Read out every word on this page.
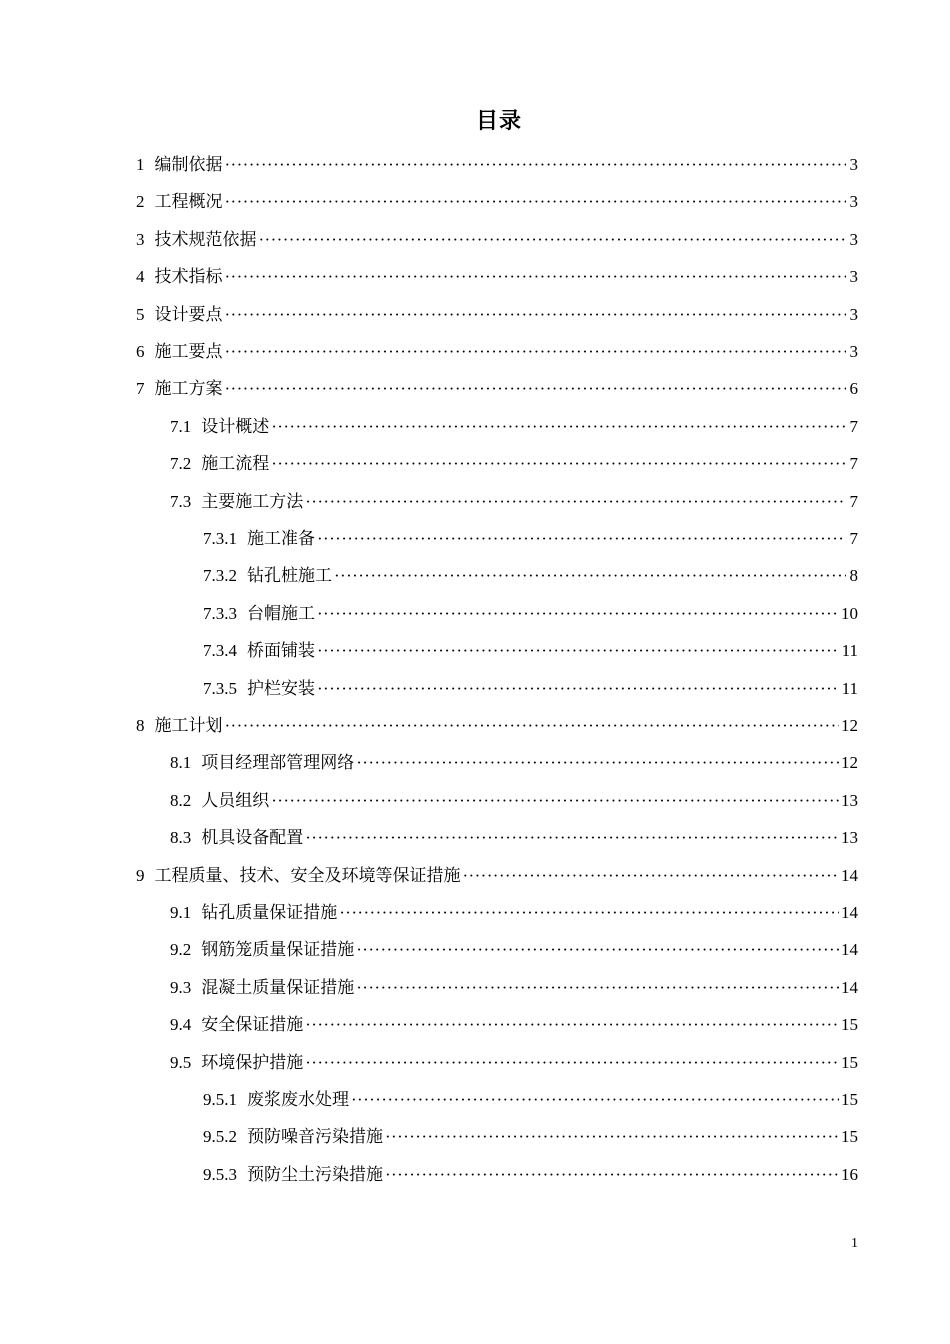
目录
1 编制依据 ·····	3
2 工程概况 ·····	3
3 技术规范依据 ·····	3
4 技术指标 ·····	3
5 设计要点 ·····	3
6 施工要点 ·····	3
7 施工方案 ·····	6
7.1 设计概述 ·····	7
7.2 施工流程 ·····	7
7.3 主要施工方法 ·····	7
7.3.1 施工准备 ·····	7
7.3.2 钻孔桩施工 ·····	8
7.3.3 台帽施工 ·····	10
7.3.4 桥面铺装 ·····	11
7.3.5 护栏安装 ·····	11
8 施工计划 ·····	12
8.1 项目经理部管理网络 ·····	12
8.2 人员组织 ·····	13
8.3 机具设备配置 ·····	13
9 工程质量、技术、安全及环境等保证措施 ·····	14
9.1 钻孔质量保证措施 ·····	14
9.2 钢筋笼质量保证措施 ·····	14
9.3 混凝土质量保证措施 ·····	14
9.4 安全保证措施 ·····	15
9.5 环境保护措施 ·····	15
9.5.1 废浆废水处理 ·····	15
9.5.2 预防噪音污染措施 ·····	15
9.5.3 预防尘土污染措施 ·····	16
1
